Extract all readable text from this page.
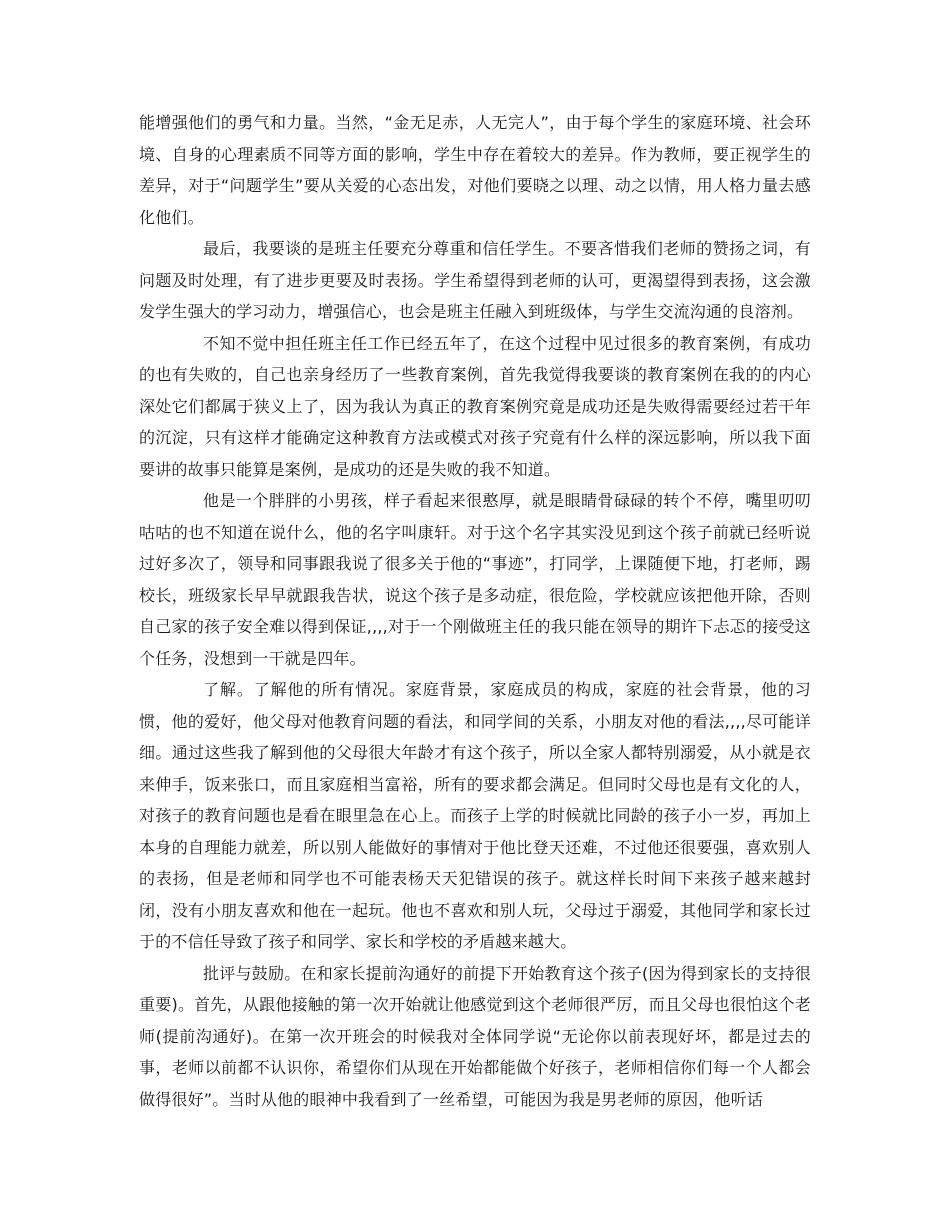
能增强他们的勇气和力量。当然，“金无足赤，人无完人”，由于每个学生的家庭环境、社会环境、自身的心理素质不同等方面的影响，学生中存在着较大的差异。作为教师，要正视学生的差异，对于“问题学生”要从关爱的心态出发，对他们要晓之以理、动之以情，用人格力量去感化他们。

最后，我要谈的是班主任要充分尊重和信任学生。不要吝惜我们老师的赞扬之词，有问题及时处理，有了进步更要及时表扬。学生希望得到老师的认可，更渴望得到表扬，这会激发学生强大的学习动力，增强信心，也会是班主任融入到班级体，与学生交流沟通的良溶剂。

不知不觉中担任班主任工作已经五年了，在这个过程中见过很多的教育案例，有成功的也有失败的，自己也亲身经历了一些教育案例，首先我觉得我要谈的教育案例在我的的内心深处它们都属于狭义上了，因为我认为真正的教育案例究竟是成功还是失败得需要经过若干年的沉淀，只有这样才能确定这种教育方法或模式对孩子究竟有什么样的深远影响，所以我下面要讲的故事只能算是案例，是成功的还是失败的我不知道。

他是一个胖胖的小男孩，样子看起来很憨厚，就是眼睛骨碌碌的转个不停，嘴里叨叨咕咕的也不知道在说什么，他的名字叫康轩。对于这个名字其实没见到这个孩子前就已经听说过好多次了，领导和同事跟我说了很多关于他的“事迹”，打同学，上课随便下地，打老师，踢校长，班级家长早早就跟我告状，说这个孩子是多动症，很危险，学校就应该把他开除，否则自己家的孩子安全难以得到保证,,,,对于一个刚做班主任的我只能在领导的期许下忐忑的接受这个任务，没想到一干就是四年。

了解。了解他的所有情况。家庭背景，家庭成员的构成，家庭的社会背景，他的习惯，他的爱好，他父母对他教育问题的看法，和同学间的关系，小朋友对他的看法,,,,尽可能详细。通过这些我了解到他的父母很大年龄才有这个孩子，所以全家人都特别溺爱，从小就是衣来伸手，饭来张口，而且家庭相当富裕，所有的要求都会满足。但同时父母也是有文化的人，对孩子的教育问题也是看在眼里急在心上。而孩子上学的时候就比同龄的孩子小一岁，再加上本身的自理能力就差，所以别人能做好的事情对于他比登天还难，不过他还很要强，喜欢别人的表扬，但是老师和同学也不可能表杨天天犯错误的孩子。就这样长时间下来孩子越来越封闭，没有小朋友喜欢和他在一起玩。他也不喜欢和别人玩，父母过于溺爱，其他同学和家长过于的不信任导致了孩子和同学、家长和学校的矛盾越来越大。

批评与鼓励。在和家长提前沟通好的前提下开始教育这个孩子(因为得到家长的支持很重要)。首先，从跟他接触的第一次开始就让他感觉到这个老师很严厉，而且父母也很怕这个老师(提前沟通好)。在第一次开班会的时候我对全体同学说“无论你以前表现好坏，都是过去的事，老师以前都不认识你，希望你们从现在开始都能做个好孩子，老师相信你们每一个人都会做得很好”。当时从他的眼神中我看到了一丝希望，可能因为我是男老师的原因，他听话
